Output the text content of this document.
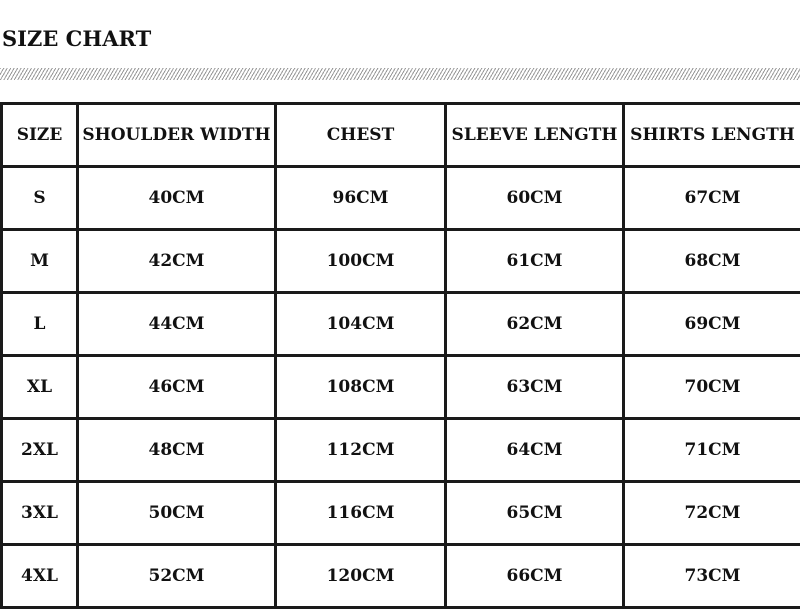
SIZE CHART
SIZE	SHOULDER WIDTH	CHEST	SLEEVE LENGTH	SHIRTS LENGTH
S	40CM	96CM	60CM	67CM
M	42CM	100CM	61CM	68CM
L	44CM	104CM	62CM	69CM
XL	46CM	108CM	63CM	70CM
2XL	48CM	112CM	64CM	71CM
3XL	50CM	116CM	65CM	72CM
4XL	52CM	120CM	66CM	73CM
